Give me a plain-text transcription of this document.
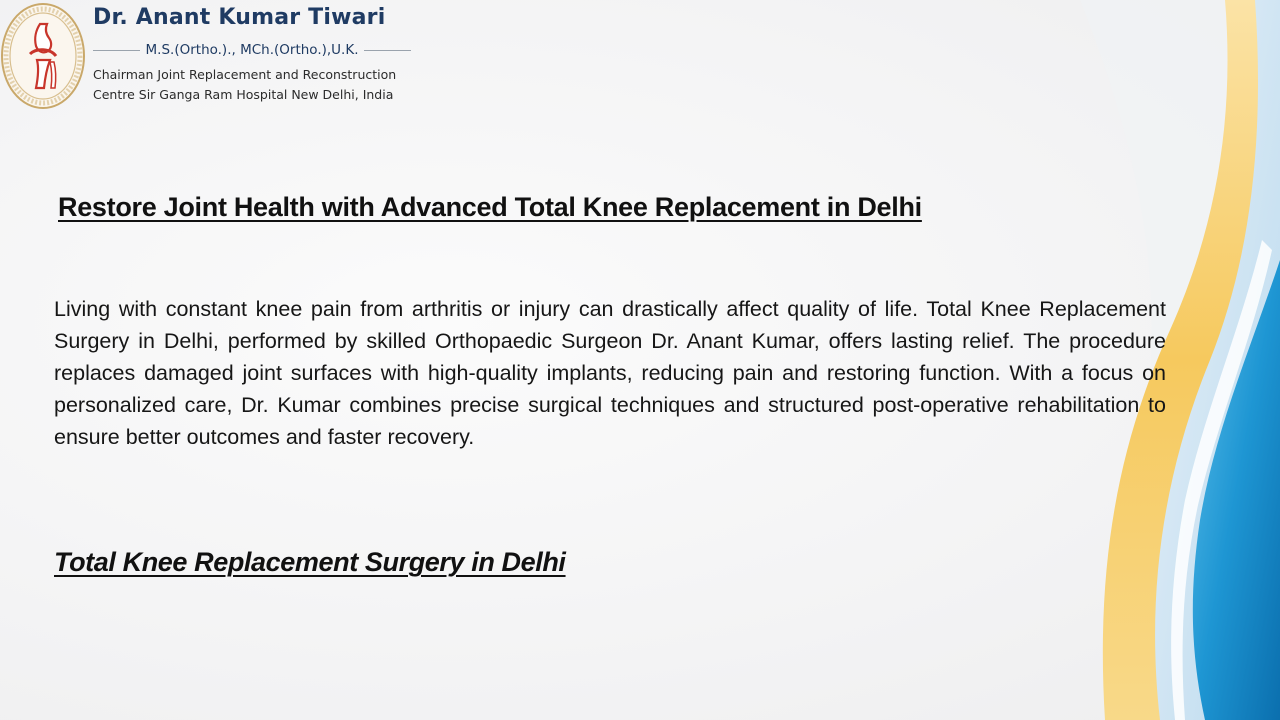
Dr. Anant Kumar Tiwari
M.S.(Ortho.)., MCh.(Ortho.),U.K.
Chairman Joint Replacement and Reconstruction
Centre Sir Ganga Ram Hospital New Delhi, India
Restore Joint Health with Advanced Total Knee Replacement in Delhi

Living with constant knee pain from arthritis or injury can drastically affect quality of life. Total Knee Replacement Surgery in Delhi, performed by skilled Orthopaedic Surgeon Dr. Anant Kumar, offers lasting relief. The procedure replaces damaged joint surfaces with high-quality implants, reducing pain and restoring function. With a focus on personalized care, Dr. Kumar combines precise surgical techniques and structured post-operative rehabilitation to ensure better outcomes and faster recovery.

Total Knee Replacement Surgery in Delhi
